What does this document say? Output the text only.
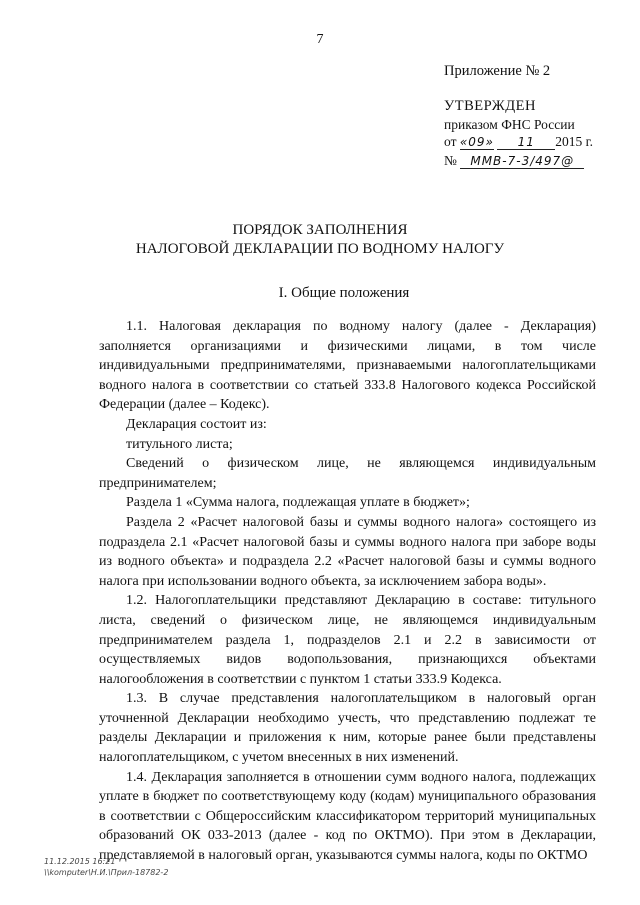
7
Приложение № 2
УТВЕРЖДЕН
приказом ФНС России
от «09» 11 2015 г.
№ ММВ-7-3/497@
ПОРЯДОК ЗАПОЛНЕНИЯ
НАЛОГОВОЙ ДЕКЛАРАЦИИ ПО ВОДНОМУ НАЛОГУ
I. Общие положения

1.1. Налоговая декларация по водному налогу (далее - Декларация) заполняется организациями и физическими лицами, в том числе индивидуальными предпринимателями, признаваемыми налогоплательщиками водного налога в соответствии со статьей 333.8 Налогового кодекса Российской Федерации (далее – Кодекс).

Декларация состоит из:

титульного листа;

Сведений о физическом лице, не являющемся индивидуальным предпринимателем;

Раздела 1 «Сумма налога, подлежащая уплате в бюджет»;

Раздела 2 «Расчет налоговой базы и суммы водного налога» состоящего из подраздела 2.1 «Расчет налоговой базы и суммы водного налога при заборе воды из водного объекта» и подраздела 2.2 «Расчет налоговой базы и суммы водного налога при использовании водного объекта, за исключением забора воды».

1.2. Налогоплательщики представляют Декларацию в составе: титульного листа, сведений о физическом лице, не являющемся индивидуальным предпринимателем раздела 1, подразделов 2.1 и 2.2 в зависимости от осуществляемых видов водопользования, признающихся объектами налогообложения в соответствии с пунктом 1 статьи 333.9 Кодекса.

1.3. В случае представления налогоплательщиком в налоговый орган уточненной Декларации необходимо учесть, что представлению подлежат те разделы Декларации и приложения к ним, которые ранее были представлены налогоплательщиком, с учетом внесенных в них изменений.

1.4. Декларация заполняется в отношении сумм водного налога, подлежащих уплате в бюджет по соответствующему коду (кодам) муниципального образования в соответствии с Общероссийским классификатором территорий муниципальных образований ОК 033-2013 (далее - код по ОКТМО). При этом в Декларации, представляемой в налоговый орган, указываются суммы налога, коды по ОКТМО

11.12.2015 16:21
\\komputer\Н.И.\Прил-18782-2
